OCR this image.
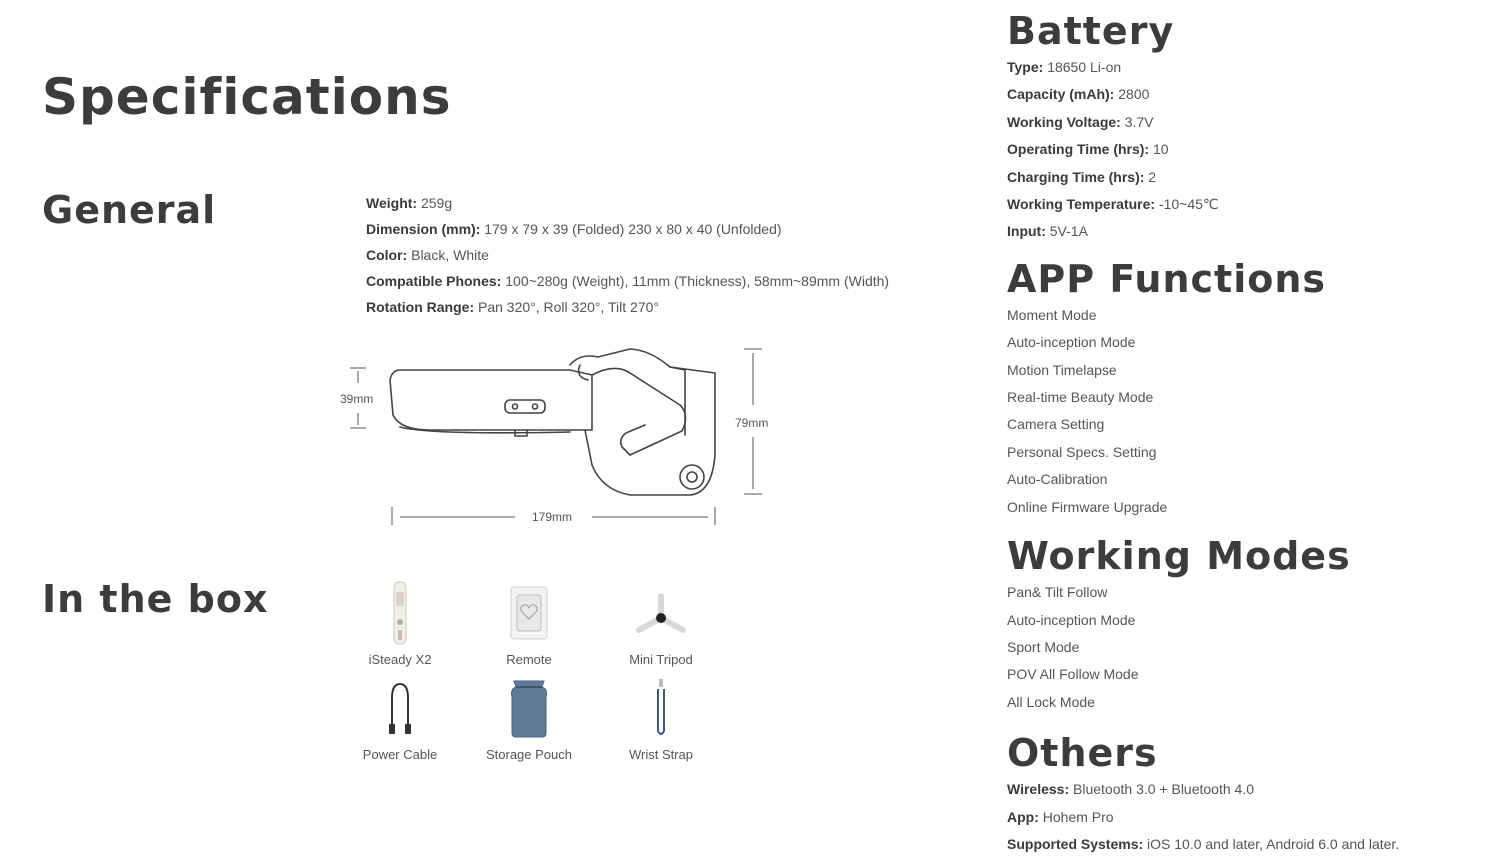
Specifications
General	Weight: 259g
Dimension (mm): 179 x 79 x 39 (Folded) 230 x 80 x 40 (Unfolded)
Color: Black, White
Compatible Phones: 100~280g (Weight), 11mm (Thickness), 58mm~89mm (Width)
Rotation Range: Pan 320°, Roll 320°, Tilt 270°
39mm
79mm
179mm
In the box
iSteady X2	Remote	Mini Tripod
Power Cable	Storage Pouch	Wrist Strap
Battery
Type: 18650 Li-on
Capacity (mAh): 2800
Working Voltage: 3.7V
Operating Time (hrs): 10
Charging Time (hrs): 2
Working Temperature: -10~45℃
Input: 5V-1A
APP Functions
Moment Mode
Auto-inception Mode
Motion Timelapse
Real-time Beauty Mode
Camera Setting
Personal Specs. Setting
Auto-Calibration
Online Firmware Upgrade
Working Modes
Pan& Tilt Follow
Auto-inception Mode
Sport Mode
POV All Follow Mode
All Lock Mode
Others
Wireless: Bluetooth 3.0 + Bluetooth 4.0
App: Hohem Pro
Supported Systems: iOS 10.0 and later, Android 6.0 and later.
